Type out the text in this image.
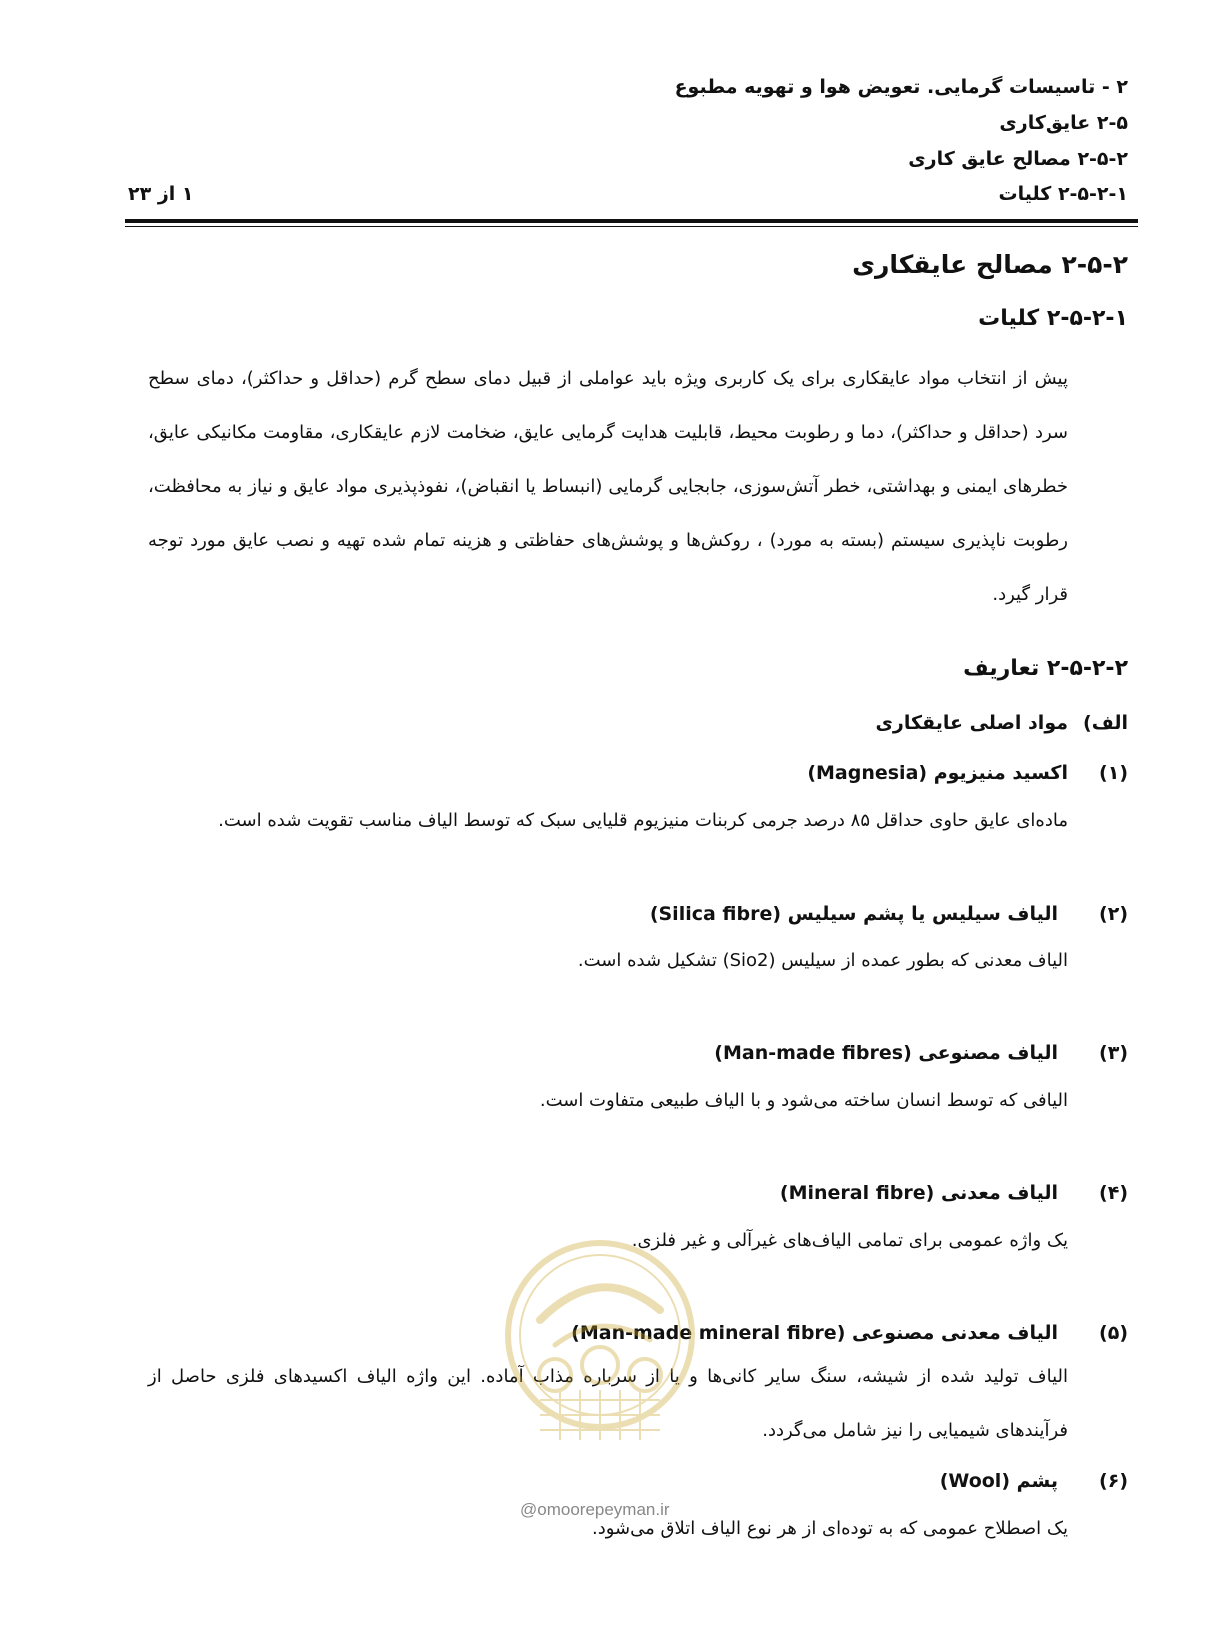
۲ - تاسیسات گرمایی. تعویض هوا و تهویه مطبوع
۲-۵ عایق‌کاری
۲-۵-۲ مصالح عایق کاری
۲-۵-۲-۱ کلیات
۱ از ۲۳
۲-۵-۲ مصالح عایقکاری
۲-۵-۲-۱ کلیات
پیش از انتخاب مواد عایقکاری برای یک کاربری ویژه باید عواملی از قبیل دمای سطح گرم (حداقل و حداکثر)، دمای سطح سرد (حداقل و حداکثر)، دما و رطوبت محیط، قابلیت هدایت گرمایی عایق، ضخامت لازم عایقکاری، مقاومت مکانیکی عایق، خطرهای ایمنی و بهداشتی، خطر آتش‌سوزی، جابجایی گرمایی (انبساط یا انقباض)، نفوذپذیری مواد عایق و نیاز به محافظت، رطوبت ناپذیری سیستم (بسته به مورد) ، روکش‌ها و پوشش‌های حفاظتی و هزینه تمام شده تهیه و نصب عایق مورد توجه قرار گیرد.
۲-۵-۲-۲ تعاریف
الف)
مواد اصلی عایقکاری
(۱)
اکسید منیزیوم (Magnesia)
ماده‌ای عایق حاوی حداقل ۸۵ درصد جرمی کربنات منیزیوم قلیایی سبک که توسط الیاف مناسب تقویت شده است.
(۲)
الیاف سیلیس یا پشم سیلیس (Silica fibre)
الیاف معدنی که بطور عمده از سیلیس (Sio2) تشکیل شده است.
(۳)
الیاف مصنوعی (Man-made fibres)
الیافی که توسط انسان ساخته می‌شود و با الیاف طبیعی متفاوت است.
(۴)
الیاف معدنی (Mineral fibre)
یک واژه عمومی برای تمامی الیاف‌های غیرآلی و غیر فلزی.
(۵)
الیاف معدنی مصنوعی (Man-made mineral fibre)
الیاف تولید شده از شیشه، سنگ سایر کانی‌ها و یا از سرباره مذاب آماده. این واژه الیاف اکسیدهای فلزی حاصل از فرآیندهای شیمیایی را نیز شامل می‌گردد.
(۶)
پشم (Wool)
یک اصطلاح عمومی که به توده‌ای از هر نوع الیاف اتلاق می‌شود.
@omoorepeyman.ir
